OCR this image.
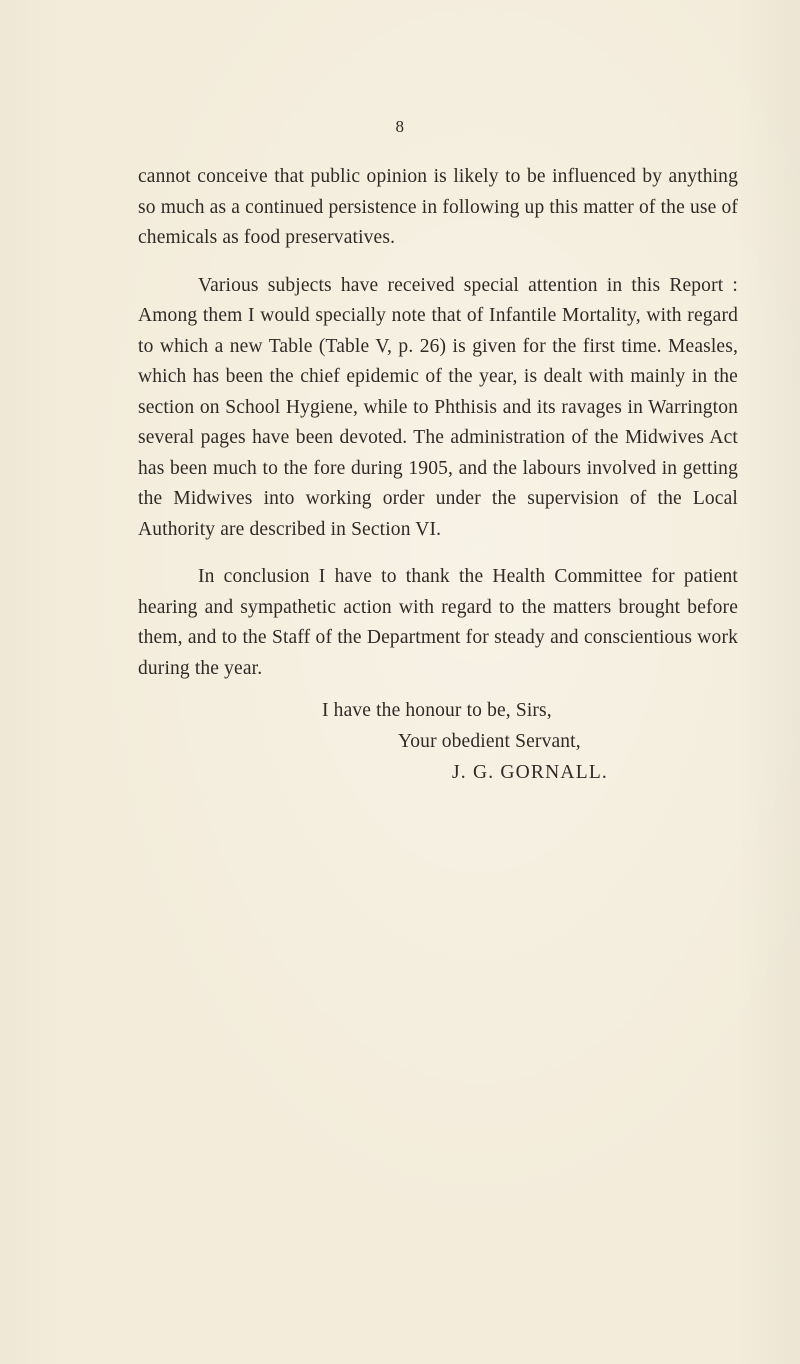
8

cannot conceive that public opinion is likely to be influenced by anything so much as a continued persistence in following up this matter of the use of chemicals as food preservatives.

Various subjects have received special attention in this Report : Among them I would specially note that of Infantile Mortality, with regard to which a new Table (Table V, p. 26) is given for the first time. Measles, which has been the chief epidemic of the year, is dealt with mainly in the section on School Hygiene, while to Phthisis and its ravages in Warrington several pages have been devoted. The administration of the Midwives Act has been much to the fore during 1905, and the labours involved in getting the Midwives into working order under the supervision of the Local Authority are described in Section VI.

In conclusion I have to thank the Health Committee for patient hearing and sympathetic action with regard to the matters brought before them, and to the Staff of the Department for steady and conscientious work during the year.

I have the honour to be, Sirs,
Your obedient Servant,
J. G. GORNALL.
